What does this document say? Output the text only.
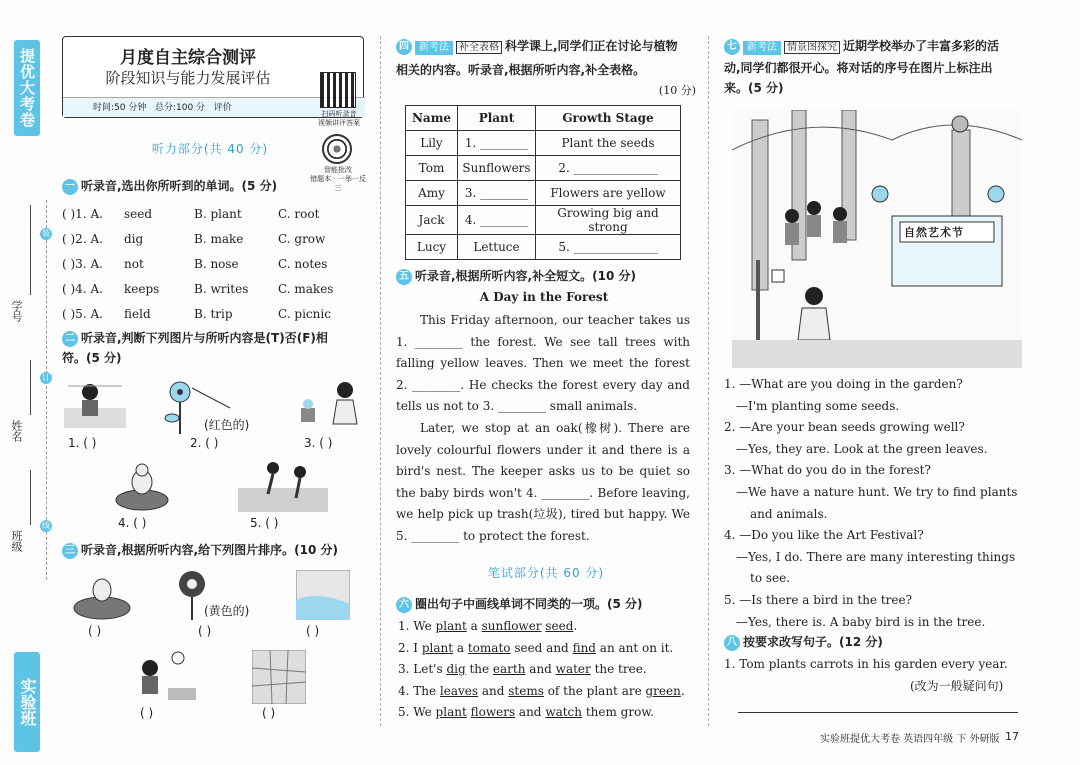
提优大考卷
班级
姓名
学号
装
订
线
实验班
月度自主综合测评
阶段知识与能力发展评估
时间:50 分钟 总分:100 分 评价
扫码听录音
视频讲评答案
智能批改
错题本 · 一举一反三
听力部分(共 40 分)
一 听录音,选出你所听到的单词。(5 分)
( )1. A. seed	B. plant	C. root
( )2. A. dig	B. make	C. grow
( )3. A. not	B. nose	C. notes
( )4. A. keeps	B. writes C. makes
( )5. A. field	B. trip	C. picnic
二 听录音,判断下列图片与所听内容是(T)否(F)相
符。(5 分)
(红色的)
1. ( )	2. ( )	3. ( )
4. ( )	5. ( )
三 听录音,根据所听内容,给下列图片排序。(10 分)
(黄色的)
( )	( )	( )
( )	( )
四 新考法 补全表格 科学课上,同学们正在讨论与植物
相关的内容。听录音,根据所听内容,补全表格。
(10 分)
Name	Plant	Growth Stage
Lily	1. ________	Plant the seeds
Tom	Sunflowers	2. ______________
Amy	3. ________	Flowers are yellow
Jack	4. ________	Growing big and strong
Lucy	Lettuce	5. ______________
五 听录音,根据所听内容,补全短文。(10 分)
A Day in the Forest
This Friday afternoon, our teacher takes us 1. ________ the forest. We see tall trees with falling yellow leaves. Then we meet the forest 2. ________. He checks the forest every day and tells us not to 3. ________ small animals.
Later, we stop at an oak(橡树). There are lovely colourful flowers under it and there is a bird's nest. The keeper asks us to be quiet so the baby birds won't 4. ________. Before leaving, we help pick up trash(垃圾), tired but happy. We 5. ________ to protect the forest.
笔试部分(共 60 分)
六 圈出句子中画线单词不同类的一项。(5 分)
1. We plant a sunflower seed.
2. I plant a tomato seed and find an ant on it.
3. Let's dig the earth and water the tree.
4. The leaves and stems of the plant are green.
5. We plant flowers and watch them grow.
七 新考法 情景图探究 近期学校举办了丰富多彩的活
动,同学们都很开心。将对话的序号在图片上标注出
来。(5 分)
自然艺术节
1. —What are you doing in the garden?
—I'm planting some seeds.
2. —Are your bean seeds growing well?
—Yes, they are. Look at the green leaves.
3. —What do you do in the forest?
—We have a nature hunt. We try to find plants
and animals.
4. —Do you like the Art Festival?
—Yes, I do. There are many interesting things
to see.
5. —Is there a bird in the tree?
—Yes, there is. A baby bird is in the tree.
八 按要求改写句子。(12 分)
1. Tom plants carrots in his garden every year.
(改为一般疑问句)
实验班提优大考卷 英语四年级 下 外研版 17
